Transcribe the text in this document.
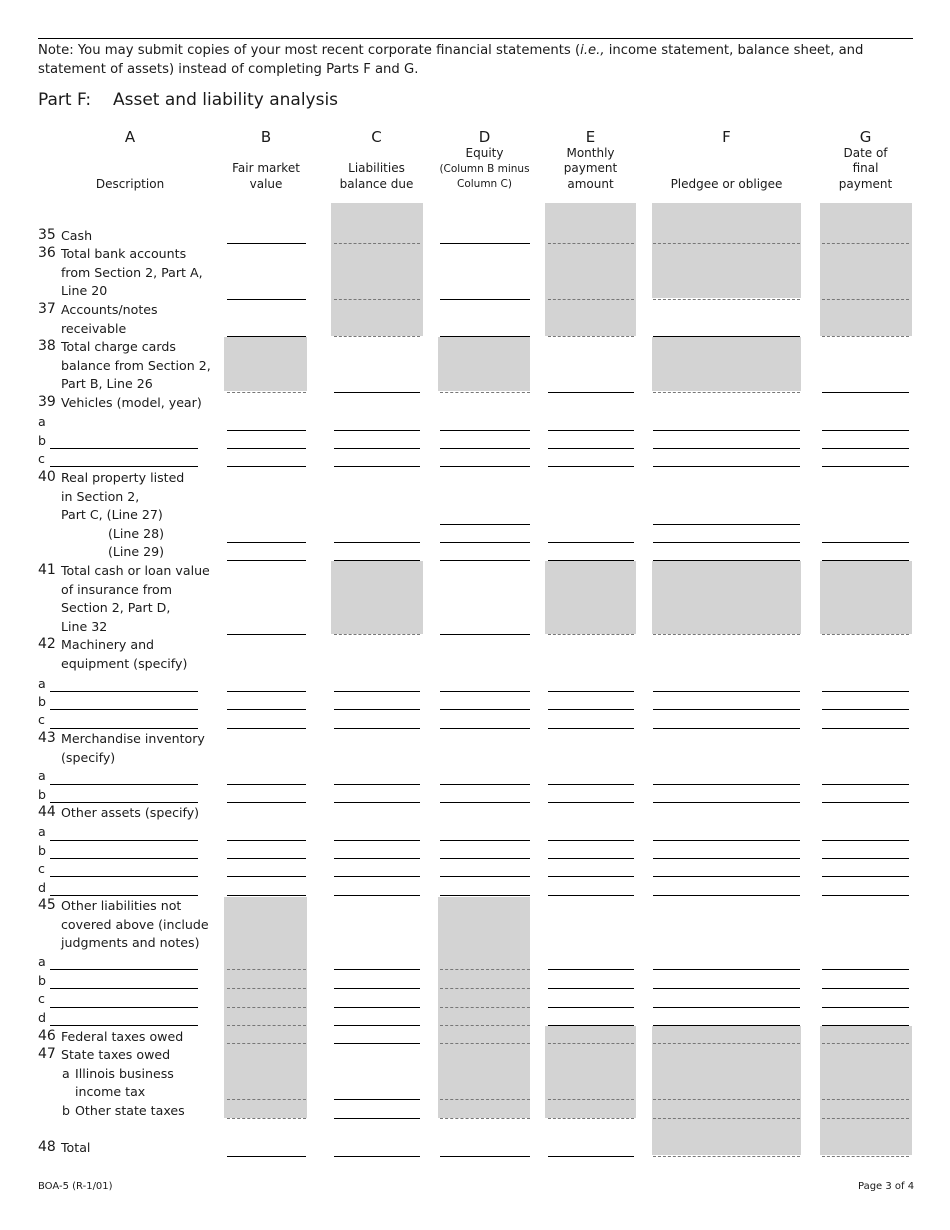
Note: You may submit copies of your most recent corporate financial statements (i.e., income statement, balance sheet, and statement of assets) instead of completing Parts F and G.
Part F: Asset and liability analysis
A
Description
B
Fair market
value
C
Liabilities
balance due
D
Equity
(Column B minus
Column C)
E
Monthly
payment
amount
F
Pledgee or obligee
G
Date of
final
payment
35 Cash
36 Total bank accounts
from Section 2, Part A,
Line 20
37 Accounts/notes
receivable
38 Total charge cards
balance from Section 2,
Part B, Line 26
39 Vehicles (model, year)
a
b
c
40 Real property listed
in Section 2,
Part C, (Line 27)
(Line 28)
(Line 29)
41 Total cash or loan value
of insurance from
Section 2, Part D,
Line 32
42 Machinery and
equipment (specify)
a
b
c
43 Merchandise inventory
(specify)
a
b
44 Other assets (specify)
a
b
c
d
45 Other liabilities not
covered above (include
judgments and notes)
a
b
c
d
46 Federal taxes owed
47 State taxes owed
a Illinois business
income tax
b Other state taxes
48 Total
BOA-5 (R-1/01)	Page 3 of 4
